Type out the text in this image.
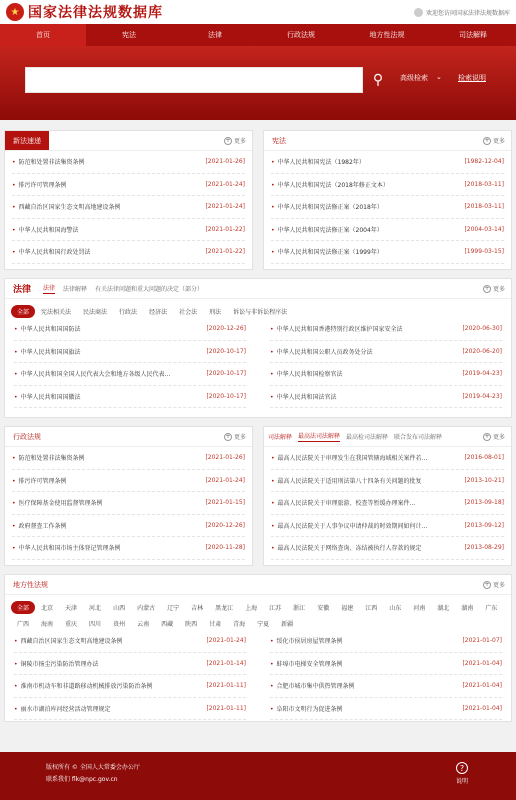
★ 国家法律法规数据库	欢迎您访问国家法律法规数据库
首页	宪法	法律	行政法规	地方性法规	司法解释
⚲ 高级检索 ⌄ 检索说明
新法速递	+ 更多
• 防范和处置非法集资条例	[2021-01-26]
• 排污许可管理条例	[2021-01-24]
• 西藏自治区国家生态文明高地建设条例	[2021-01-24]
• 中华人民共和国海警法	[2021-01-22]
• 中华人民共和国行政处罚法	[2021-01-22]
宪法	+ 更多
• 中华人民共和国宪法（1982年）	[1982-12-04]
• 中华人民共和国宪法（2018年修正文本）	[2018-03-11]
• 中华人民共和国宪法修正案（2018年）	[2018-03-11]
• 中华人民共和国宪法修正案（2004年）	[2004-03-14]
• 中华人民共和国宪法修正案（1999年）	[1999-03-15]
法律	法律 法律解释 有关法律问题和重大问题的决定（部分）	+ 更多
全部	宪法相关法	民法商法	行政法	经济法	社会法	刑法	诉讼与非诉讼程序法
• 中华人民共和国国防法	[2020-12-26]
• 中华人民共和国国旗法	[2020-10-17]
• 中华人民共和国全国人民代表大会和地方各级人民代表...	[2020-10-17]
• 中华人民共和国国徽法	[2020-10-17]
• 中华人民共和国香港特别行政区维护国家安全法	[2020-06-30]
• 中华人民共和国公职人员政务处分法	[2020-06-20]
• 中华人民共和国检察官法	[2019-04-23]
• 中华人民共和国法官法	[2019-04-23]
行政法规	+ 更多
• 防范和处置非法集资条例	[2021-01-26]
• 排污许可管理条例	[2021-01-24]
• 医疗保障基金使用监督管理条例	[2021-01-15]
• 政府督查工作条例	[2020-12-26]
• 中华人民共和国市场主体登记管理条例	[2020-11-28]
司法解释 最高法司法解释 最高检司法解释 联合发布司法解释	+ 更多
• 最高人民法院关于审理发生在我国管辖海域相关案件若...	[2016-08-01]
• 最高人民法院关于适用刑法第八十四条有关问题的批复	[2013-10-21]
• 最高人民法院关于审理旅游、校查等暂缓办理案件...	[2013-09-18]
• 最高人民法院关于人事争议申请仲裁的时效期间如何计...	[2013-09-12]
• 最高人民法院关于网络查询、冻结被执行人存款的规定	[2013-08-29]
地方性法规	+ 更多
全部	北京	天津	河北	山西	内蒙古	辽宁	吉林	黑龙江	上海	江苏	浙江	安徽	福建	江西	山东	河南	湖北	湖南	广东
广西	海南	重庆	四川	贵州	云南	西藏	陕西	甘肃	青海	宁夏	新疆
• 西藏自治区国家生态文明高地建设条例	[2021-01-24]
• 铜陵市扬尘污染防治管理办法	[2021-01-14]
• 淮南市机动车和非道路移动机械排放污染防治条例	[2021-01-11]
• 丽水市湖泊库河经营活动管理规定	[2021-01-11]
• 绥化市侯居房屋管理条例	[2021-01-07]
• 蚌埠市电梯安全管理条例	[2021-01-04]
• 合肥市城市集中供热管理条例	[2021-01-04]
• 阜阳市文明行为促进条例	[2021-01-04]
版权所有 © 全国人大常委会办公厅
联系我们 flk@npc.gov.cn
?
说明
